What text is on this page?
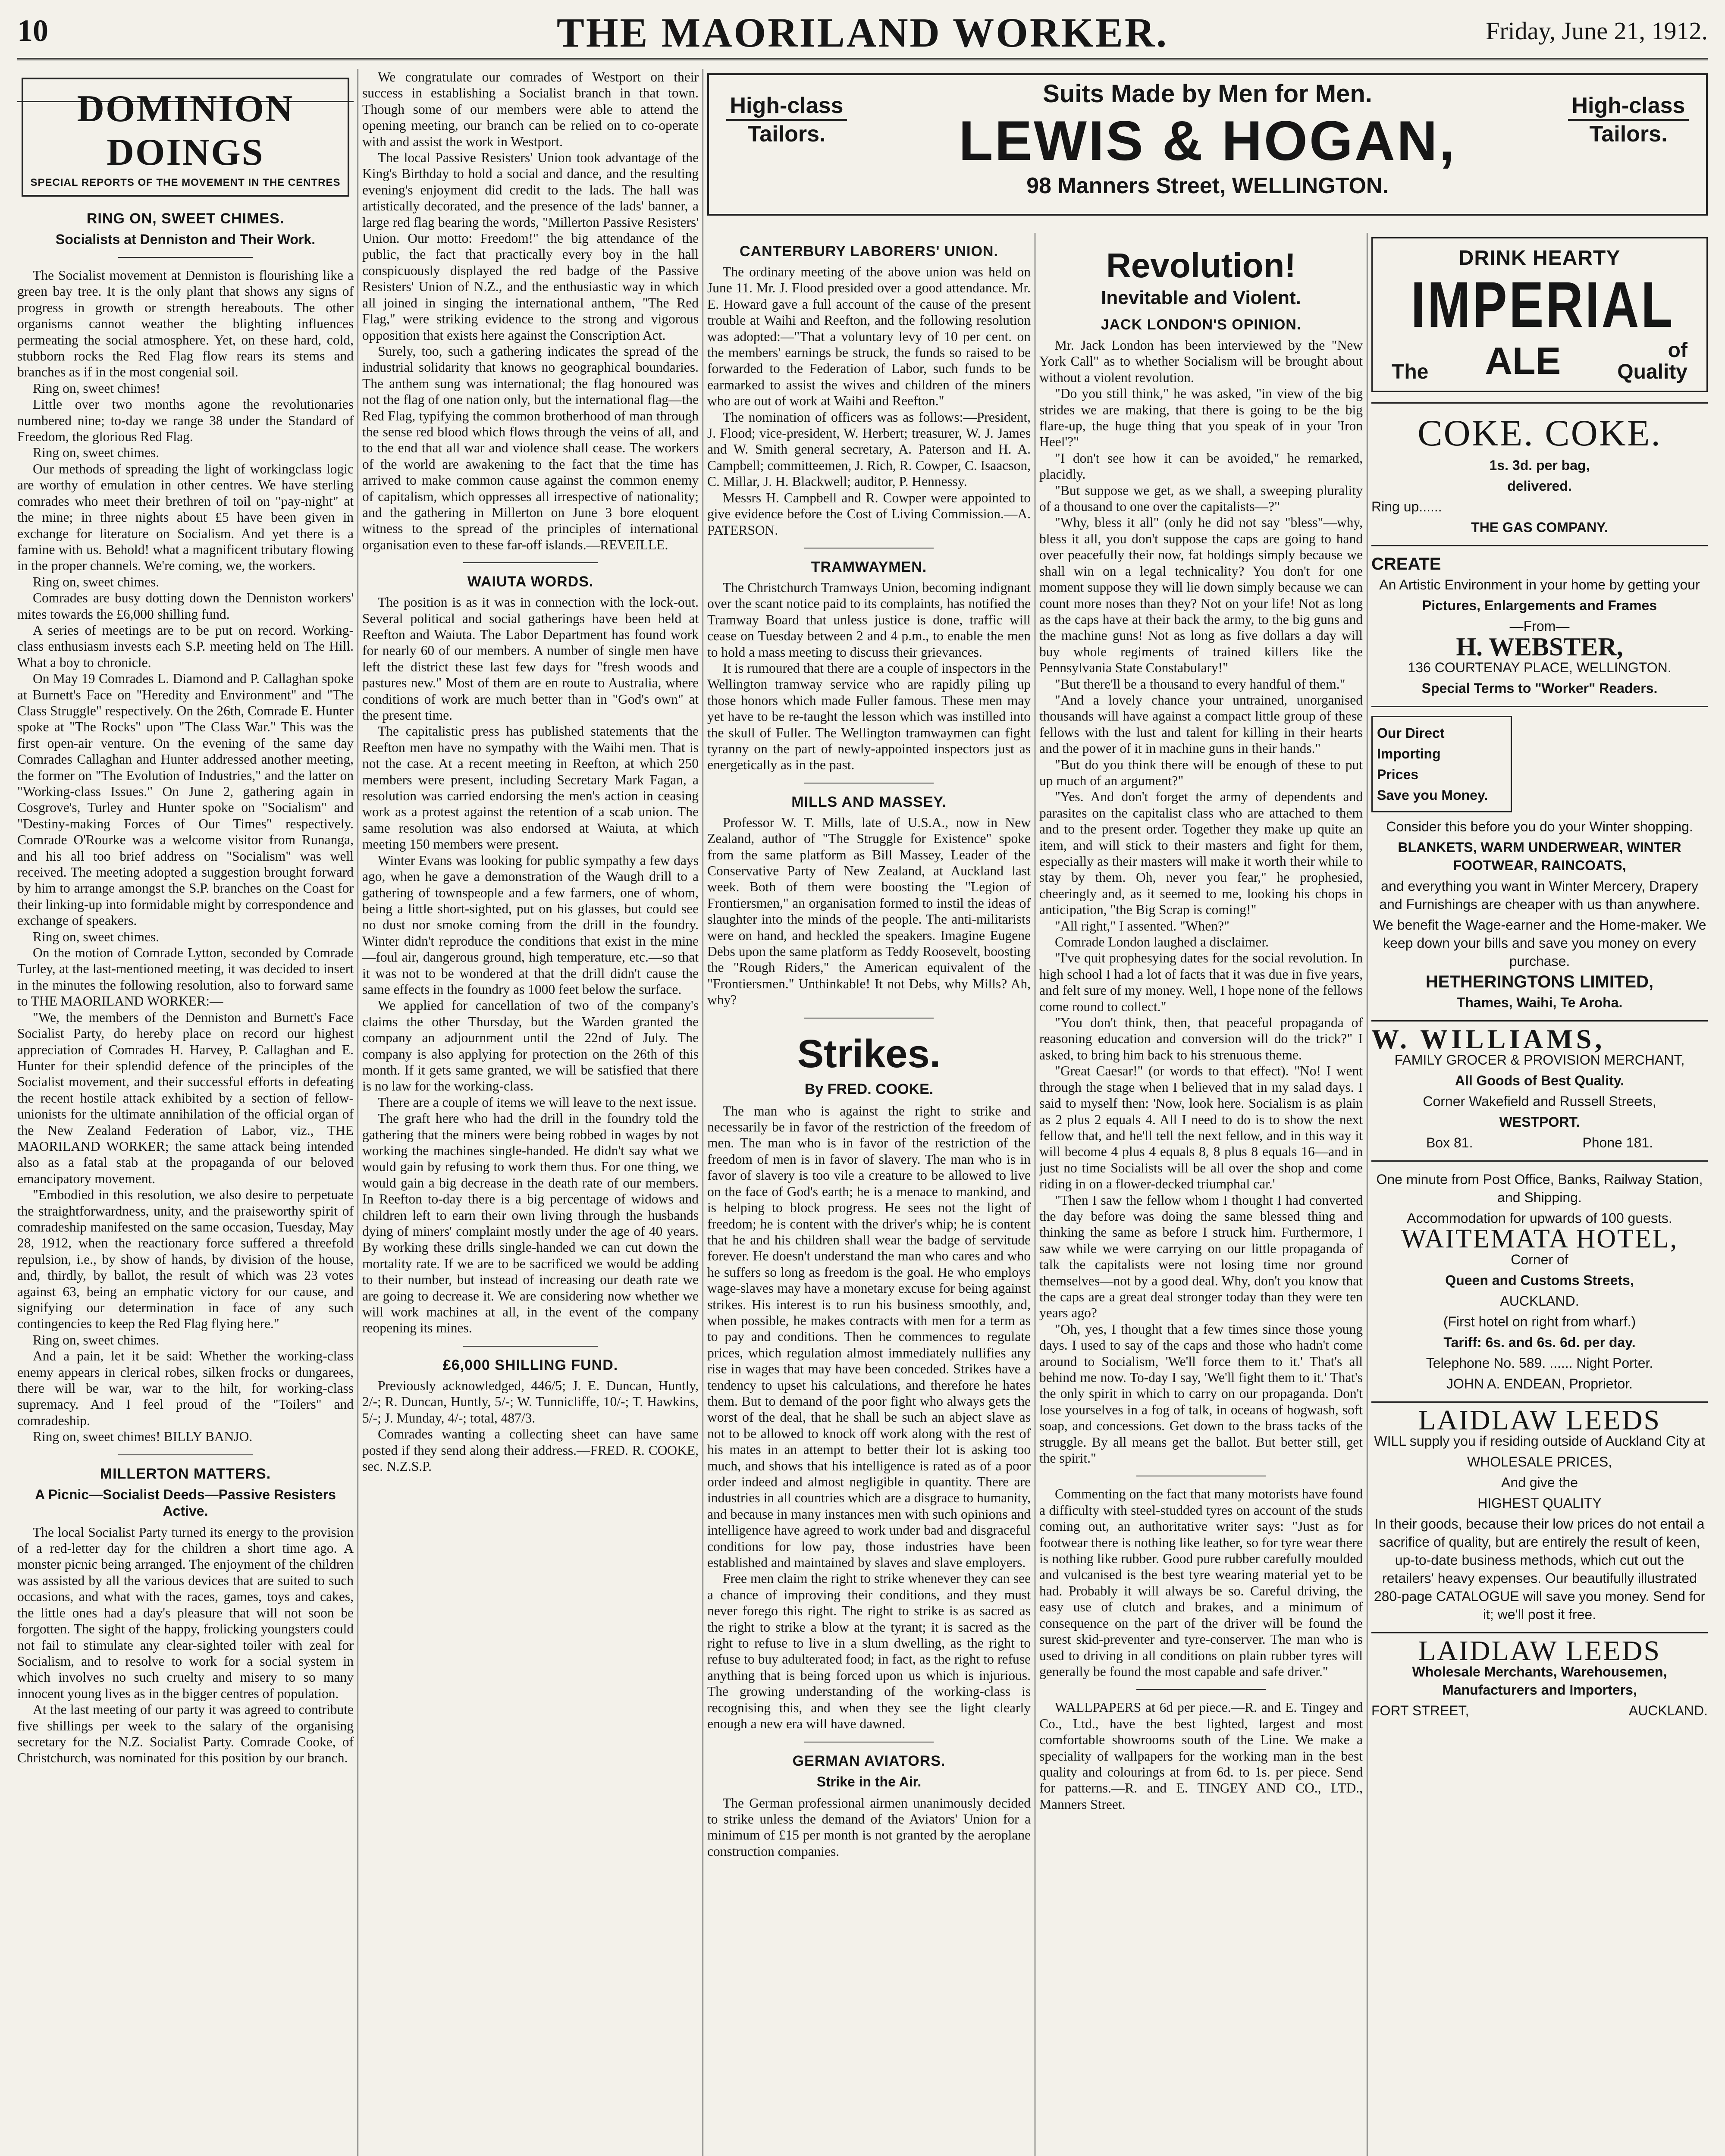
10	THE MAORILAND WORKER.	Friday, June 21, 1912.
DOMINION DOINGS
SPECIAL REPORTS OF THE MOVEMENT IN THE CENTRES
RING ON, SWEET CHIMES.
Socialists at Denniston and Their Work.

The Socialist movement at Denniston is flourishing like a green bay tree. It is the only plant that shows any signs of progress in growth or strength hereabouts. The other organisms cannot weather the blighting influences permeating the social atmosphere. Yet, on these hard, cold, stubborn rocks the Red Flag flow rears its stems and branches as if in the most congenial soil.

Ring on, sweet chimes!

Little over two months agone the revolutionaries numbered nine; to-day we range 38 under the Standard of Freedom, the glorious Red Flag.

Ring on, sweet chimes.

Our methods of spreading the light of workingclass logic are worthy of emulation in other centres. We have sterling comrades who meet their brethren of toil on "pay-night" at the mine; in three nights about £5 have been given in exchange for literature on Socialism. And yet there is a famine with us. Behold! what a magnificent tributary flowing in the proper channels. We're coming, we, the workers.

Ring on, sweet chimes.

Comrades are busy dotting down the Denniston workers' mites towards the £6,000 shilling fund.

A series of meetings are to be put on record. Working-class enthusiasm invests each S.P. meeting held on The Hill. What a boy to chronicle.

On May 19 Comrades L. Diamond and P. Callaghan spoke at Burnett's Face on "Heredity and Environment" and "The Class Struggle" respectively. On the 26th, Comrade E. Hunter spoke at "The Rocks" upon "The Class War." This was the first open-air venture. On the evening of the same day Comrades Callaghan and Hunter addressed another meeting, the former on "The Evolution of Industries," and the latter on "Working-class Issues." On June 2, gathering again in Cosgrove's, Turley and Hunter spoke on "Socialism" and "Destiny-making Forces of Our Times" respectively. Comrade O'Rourke was a welcome visitor from Runanga, and his all too brief address on "Socialism" was well received. The meeting adopted a suggestion brought forward by him to arrange amongst the S.P. branches on the Coast for their linking-up into formidable might by correspondence and exchange of speakers.

Ring on, sweet chimes.

On the motion of Comrade Lytton, seconded by Comrade Turley, at the last-mentioned meeting, it was decided to insert in the minutes the following resolution, also to forward same to THE MAORILAND WORKER:—

"We, the members of the Denniston and Burnett's Face Socialist Party, do hereby place on record our highest appreciation of Comrades H. Harvey, P. Callaghan and E. Hunter for their splendid defence of the principles of the Socialist movement, and their successful efforts in defeating the recent hostile attack exhibited by a section of fellow-unionists for the ultimate annihilation of the official organ of the New Zealand Federation of Labor, viz., THE MAORILAND WORKER; the same attack being intended also as a fatal stab at the propaganda of our beloved emancipatory movement.

"Embodied in this resolution, we also desire to perpetuate the straightforwardness, unity, and the praiseworthy spirit of comradeship manifested on the same occasion, Tuesday, May 28, 1912, when the reactionary force suffered a threefold repulsion, i.e., by show of hands, by division of the house, and, thirdly, by ballot, the result of which was 23 votes against 63, being an emphatic victory for our cause, and signifying our determination in face of any such contingencies to keep the Red Flag flying here."

Ring on, sweet chimes.

And a pain, let it be said: Whether the working-class enemy appears in clerical robes, silken frocks or dungarees, there will be war, war to the hilt, for working-class supremacy. And I feel proud of the "Toilers" and comradeship.

Ring on, sweet chimes! BILLY BANJO.

MILLERTON MATTERS.
A Picnic—Socialist Deeds—Passive Resisters Active.

The local Socialist Party turned its energy to the provision of a red-letter day for the children a short time ago. A monster picnic being arranged. The enjoyment of the children was assisted by all the various devices that are suited to such occasions, and what with the races, games, toys and cakes, the little ones had a day's pleasure that will not soon be forgotten. The sight of the happy, frolicking youngsters could not fail to stimulate any clear-sighted toiler with zeal for Socialism, and to resolve to work for a social system in which involves no such cruelty and misery to so many innocent young lives as in the bigger centres of population.

At the last meeting of our party it was agreed to contribute five shillings per week to the salary of the organising secretary for the N.Z. Socialist Party. Comrade Cooke, of Christchurch, was nominated for this position by our branch.

We congratulate our comrades of Westport on their success in establishing a Socialist branch in that town. Though some of our members were able to attend the opening meeting, our branch can be relied on to co-operate with and assist the work in Westport.

The local Passive Resisters' Union took advantage of the King's Birthday to hold a social and dance, and the resulting evening's enjoyment did credit to the lads. The hall was artistically decorated, and the presence of the lads' banner, a large red flag bearing the words, "Millerton Passive Resisters' Union. Our motto: Freedom!" the big attendance of the public, the fact that practically every boy in the hall conspicuously displayed the red badge of the Passive Resisters' Union of N.Z., and the enthusiastic way in which all joined in singing the international anthem, "The Red Flag," were striking evidence to the strong and vigorous opposition that exists here against the Conscription Act.

Surely, too, such a gathering indicates the spread of the industrial solidarity that knows no geographical boundaries. The anthem sung was international; the flag honoured was not the flag of one nation only, but the international flag—the Red Flag, typifying the common brotherhood of man through the sense red blood which flows through the veins of all, and to the end that all war and violence shall cease. The workers of the world are awakening to the fact that the time has arrived to make common cause against the common enemy of capitalism, which oppresses all irrespective of nationality; and the gathering in Millerton on June 3 bore eloquent witness to the spread of the principles of international organisation even to these far-off islands.—REVEILLE.

WAIUTA WORDS.

The position is as it was in connection with the lock-out. Several political and social gatherings have been held at Reefton and Waiuta. The Labor Department has found work for nearly 60 of our members. A number of single men have left the district these last few days for "fresh woods and pastures new." Most of them are en route to Australia, where conditions of work are much better than in "God's own" at the present time.

The capitalistic press has published statements that the Reefton men have no sympathy with the Waihi men. That is not the case. At a recent meeting in Reefton, at which 250 members were present, including Secretary Mark Fagan, a resolution was carried endorsing the men's action in ceasing work as a protest against the retention of a scab union. The same resolution was also endorsed at Waiuta, at which meeting 150 members were present.

Winter Evans was looking for public sympathy a few days ago, when he gave a demonstration of the Waugh drill to a gathering of townspeople and a few farmers, one of whom, being a little short-sighted, put on his glasses, but could see no dust nor smoke coming from the drill in the foundry. Winter didn't reproduce the conditions that exist in the mine—foul air, dangerous ground, high temperature, etc.—so that it was not to be wondered at that the drill didn't cause the same effects in the foundry as 1000 feet below the surface.

We applied for cancellation of two of the company's claims the other Thursday, but the Warden granted the company an adjournment until the 22nd of July. The company is also applying for protection on the 26th of this month. If it gets same granted, we will be satisfied that there is no law for the working-class.

There are a couple of items we will leave to the next issue.

The graft here who had the drill in the foundry told the gathering that the miners were being robbed in wages by not working the machines single-handed. He didn't say what we would gain by refusing to work them thus. For one thing, we would gain a big decrease in the death rate of our members. In Reefton to-day there is a big percentage of widows and children left to earn their own living through the husbands dying of miners' complaint mostly under the age of 40 years. By working these drills single-handed we can cut down the mortality rate. If we are to be sacrificed we would be adding to their number, but instead of increasing our death rate we are going to decrease it. We are considering now whether we will work machines at all, in the event of the company reopening its mines.

£6,000 SHILLING FUND.

Previously acknowledged, 446/5; J. E. Duncan, Huntly, 2/-; R. Duncan, Huntly, 5/-; W. Tunnicliffe, 10/-; T. Hawkins, 5/-; J. Munday, 4/-; total, 487/3.

Comrades wanting a collecting sheet can have same posted if they send along their address.—FRED. R. COOKE, sec. N.Z.S.P.

High-class
Tailors.
Suits Made by Men for Men.
LEWIS & HOGAN,
98 Manners Street, WELLINGTON.
High-class
Tailors.
CANTERBURY LABORERS' UNION.

The ordinary meeting of the above union was held on June 11. Mr. J. Flood presided over a good attendance. Mr. E. Howard gave a full account of the cause of the present trouble at Waihi and Reefton, and the following resolution was adopted:—"That a voluntary levy of 10 per cent. on the members' earnings be struck, the funds so raised to be forwarded to the Federation of Labor, such funds to be earmarked to assist the wives and children of the miners who are out of work at Waihi and Reefton."

The nomination of officers was as follows:—President, J. Flood; vice-president, W. Herbert; treasurer, W. J. James and W. Smith general secretary, A. Paterson and H. A. Campbell; committeemen, J. Rich, R. Cowper, C. Isaacson, C. Millar, J. H. Blackwell; auditor, P. Hennessy.

Messrs H. Campbell and R. Cowper were appointed to give evidence before the Cost of Living Commission.—A. PATERSON.

TRAMWAYMEN.

The Christchurch Tramways Union, becoming indignant over the scant notice paid to its complaints, has notified the Tramway Board that unless justice is done, traffic will cease on Tuesday between 2 and 4 p.m., to enable the men to hold a mass meeting to discuss their grievances.

It is rumoured that there are a couple of inspectors in the Wellington tramway service who are rapidly piling up those honors which made Fuller famous. These men may yet have to be re-taught the lesson which was instilled into the skull of Fuller. The Wellington tramwaymen can fight tyranny on the part of newly-appointed inspectors just as energetically as in the past.

MILLS AND MASSEY.

Professor W. T. Mills, late of U.S.A., now in New Zealand, author of "The Struggle for Existence" spoke from the same platform as Bill Massey, Leader of the Conservative Party of New Zealand, at Auckland last week. Both of them were boosting the "Legion of Frontiersmen," an organisation formed to instil the ideas of slaughter into the minds of the people. The anti-militarists were on hand, and heckled the speakers. Imagine Eugene Debs upon the same platform as Teddy Roosevelt, boosting the "Rough Riders," the American equivalent of the "Frontiersmen." Unthinkable! It not Debs, why Mills? Ah, why?

Strikes.
By FRED. COOKE.

The man who is against the right to strike and necessarily be in favor of the restriction of the freedom of men. The man who is in favor of the restriction of the freedom of men is in favor of slavery. The man who is in favor of slavery is too vile a creature to be allowed to live on the face of God's earth; he is a menace to mankind, and is helping to block progress. He sees not the light of freedom; he is content with the driver's whip; he is content that he and his children shall wear the badge of servitude forever. He doesn't understand the man who cares and who he suffers so long as freedom is the goal. He who employs wage-slaves may have a monetary excuse for being against strikes. His interest is to run his business smoothly, and, when possible, he makes contracts with men for a term as to pay and conditions. Then he commences to regulate prices, which regulation almost immediately nullifies any rise in wages that may have been conceded. Strikes have a tendency to upset his calculations, and therefore he hates them. But to demand of the poor fight who always gets the worst of the deal, that he shall be such an abject slave as not to be allowed to knock off work along with the rest of his mates in an attempt to better their lot is asking too much, and shows that his intelligence is rated as of a poor order indeed and almost negligible in quantity. There are industries in all countries which are a disgrace to humanity, and because in many instances men with such opinions and intelligence have agreed to work under bad and disgraceful conditions for low pay, those industries have been established and maintained by slaves and slave employers.

Free men claim the right to strike whenever they can see a chance of improving their conditions, and they must never forego this right. The right to strike is as sacred as the right to strike a blow at the tyrant; it is sacred as the right to refuse to live in a slum dwelling, as the right to refuse to buy adulterated food; in fact, as the right to refuse anything that is being forced upon us which is injurious. The growing understanding of the working-class is recognising this, and when they see the light clearly enough a new era will have dawned.

GERMAN AVIATORS.
Strike in the Air.

The German professional airmen unanimously decided to strike unless the demand of the Aviators' Union for a minimum of £15 per month is not granted by the aeroplane construction companies.

Revolution!
Inevitable and Violent.
JACK LONDON'S OPINION.

Mr. Jack London has been interviewed by the "New York Call" as to whether Socialism will be brought about without a violent revolution.

"Do you still think," he was asked, "in view of the big strides we are making, that there is going to be the big flare-up, the huge thing that you speak of in your 'Iron Heel'?"

"I don't see how it can be avoided," he remarked, placidly.

"But suppose we get, as we shall, a sweeping plurality of a thousand to one over the capitalists—?"

"Why, bless it all" (only he did not say "bless"—why, bless it all, you don't suppose the caps are going to hand over peacefully their now, fat holdings simply because we shall win on a legal technicality? You don't for one moment suppose they will lie down simply because we can count more noses than they? Not on your life! Not as long as the caps have at their back the army, to the big guns and the machine guns! Not as long as five dollars a day will buy whole regiments of trained killers like the Pennsylvania State Constabulary!"

"But there'll be a thousand to every handful of them."

"And a lovely chance your untrained, unorganised thousands will have against a compact little group of these fellows with the lust and talent for killing in their hearts and the power of it in machine guns in their hands."

"But do you think there will be enough of these to put up much of an argument?"

"Yes. And don't forget the army of dependents and parasites on the capitalist class who are attached to them and to the present order. Together they make up quite an item, and will stick to their masters and fight for them, especially as their masters will make it worth their while to stay by them. Oh, never you fear," he prophesied, cheeringly and, as it seemed to me, looking his chops in anticipation, "the Big Scrap is coming!"

"All right," I assented. "When?"

Comrade London laughed a disclaimer.

"I've quit prophesying dates for the social revolution. In high school I had a lot of facts that it was due in five years, and felt sure of my money. Well, I hope none of the fellows come round to collect."

"You don't think, then, that peaceful propaganda of reasoning education and conversion will do the trick?" I asked, to bring him back to his strenuous theme.

"Great Caesar!" (or words to that effect). "No! I went through the stage when I believed that in my salad days. I said to myself then: 'Now, look here. Socialism is as plain as 2 plus 2 equals 4. All I need to do is to show the next fellow that, and he'll tell the next fellow, and in this way it will become 4 plus 4 equals 8, 8 plus 8 equals 16—and in just no time Socialists will be all over the shop and come riding in on a flower-decked triumphal car.'

"Then I saw the fellow whom I thought I had converted the day before was doing the same blessed thing and thinking the same as before I struck him. Furthermore, I saw while we were carrying on our little propaganda of talk the capitalists were not losing time nor ground themselves—not by a good deal. Why, don't you know that the caps are a great deal stronger today than they were ten years ago?

"Oh, yes, I thought that a few times since those young days. I used to say of the caps and those who hadn't come around to Socialism, 'We'll force them to it.' That's all behind me now. To-day I say, 'We'll fight them to it.' That's the only spirit in which to carry on our propaganda. Don't lose yourselves in a fog of talk, in oceans of hogwash, soft soap, and concessions. Get down to the brass tacks of the struggle. By all means get the ballot. But better still, get the spirit."

Commenting on the fact that many motorists have found a difficulty with steel-studded tyres on account of the studs coming out, an authoritative writer says: "Just as for footwear there is nothing like leather, so for tyre wear there is nothing like rubber. Good pure rubber carefully moulded and vulcanised is the best tyre wearing material yet to be had. Probably it will always be so. Careful driving, the easy use of clutch and brakes, and a minimum of consequence on the part of the driver will be found the surest skid-preventer and tyre-conserver. The man who is used to driving in all conditions on plain rubber tyres will generally be found the most capable and safe driver."

WALLPAPERS at 6d per piece.—R. and E. Tingey and Co., Ltd., have the best lighted, largest and most comfortable showrooms south of the Line. We make a speciality of wallpapers for the working man in the best quality and colourings at from 6d. to 1s. per piece. Send for patterns.—R. and E. TINGEY AND CO., LTD., Manners Street.

DRINK HEARTY
IMPERIAL
The ALE	of
Quality
COKE. COKE.
1s. 3d. per bag,
delivered.
Ring up......
THE GAS COMPANY.
CREATE
An Artistic Environment in your home by getting your
Pictures, Enlargements and Frames
—From—
H. WEBSTER,
136 COURTENAY PLACE, WELLINGTON.
Special Terms to "Worker" Readers.
Our Direct
Importing
Prices
Save you Money.
Consider this before you do your Winter shopping.
BLANKETS, WARM UNDERWEAR, WINTER FOOTWEAR, RAINCOATS,
and everything you want in Winter Mercery, Drapery and Furnishings are cheaper with us than anywhere.
We benefit the Wage-earner and the Home-maker. We keep down your bills and save you money on every purchase.
HETHERINGTONS LIMITED,
Thames, Waihi, Te Aroha.
W. WILLIAMS,
FAMILY GROCER & PROVISION MERCHANT,
All Goods of Best Quality.
Corner Wakefield and Russell Streets,
WESTPORT.
Box 81.	Phone 181.
One minute from Post Office, Banks, Railway Station, and Shipping.
Accommodation for upwards of 100 guests.
WAITEMATA HOTEL,
Corner of
Queen and Customs Streets,
AUCKLAND.
(First hotel on right from wharf.)
Tariff: 6s. and 6s. 6d. per day.
Telephone No. 589. ...... Night Porter.
JOHN A. ENDEAN, Proprietor.
LAIDLAW LEEDS
WILL supply you if residing outside of Auckland City at
WHOLESALE PRICES,
And give the
HIGHEST QUALITY
In their goods, because their low prices do not entail a sacrifice of quality, but are entirely the result of keen, up-to-date business methods, which cut out the retailers' heavy expenses. Our beautifully illustrated 280-page CATALOGUE will save you money. Send for it; we'll post it free.
LAIDLAW LEEDS
Wholesale Merchants, Warehousemen, Manufacturers and Importers,
FORT STREET,	AUCKLAND.
